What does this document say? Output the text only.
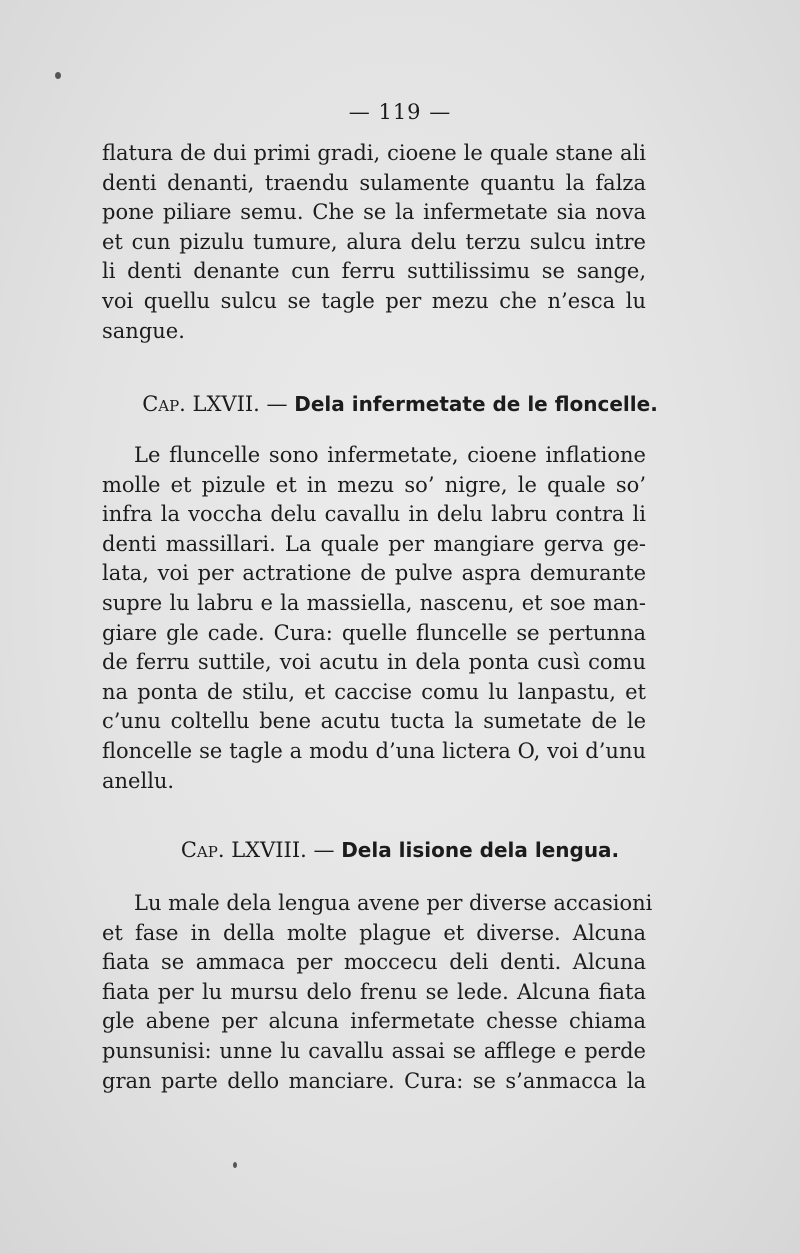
— 119 —
flatura de dui primi gradi, cioene le quale stane ali
denti denanti, traendu sulamente quantu la falza
pone piliare semu. Che se la infermetate sia nova
et cun pizulu tumure, alura delu terzu sulcu intre
li denti denante cun ferru suttilissimu se sange,
voi quellu sulcu se tagle per mezu che n’esca lu
sangue.
Cap. LXVII. — Dela infermetate de le floncelle.
Le fluncelle sono infermetate, cioene inflatione
molle et pizule et in mezu so’ nigre, le quale so’
infra la voccha delu cavallu in delu labru contra li
denti massillari. La quale per mangiare gerva ge-
lata, voi per actratione de pulve aspra demurante
supre lu labru e la massiella, nascenu, et soe man-
giare gle cade. Cura: quelle fluncelle se pertunna
de ferru suttile, voi acutu in dela ponta cusì comu
na ponta de stilu, et caccise comu lu lanpastu, et
c’unu coltellu bene acutu tucta la sumetate de le
floncelle se tagle a modu d’una lictera O, voi d’unu
anellu.
Cap. LXVIII. — Dela lisione dela lengua.
Lu male dela lengua avene per diverse accasioni
et fase in della molte plague et diverse. Alcuna
fiata se ammaca per moccecu deli denti. Alcuna
fiata per lu mursu delo frenu se lede. Alcuna fiata
gle abene per alcuna infermetate chesse chiama
punsunisi: unne lu cavallu assai se afflege e perde
gran parte dello manciare. Cura: se s’anmacca la
